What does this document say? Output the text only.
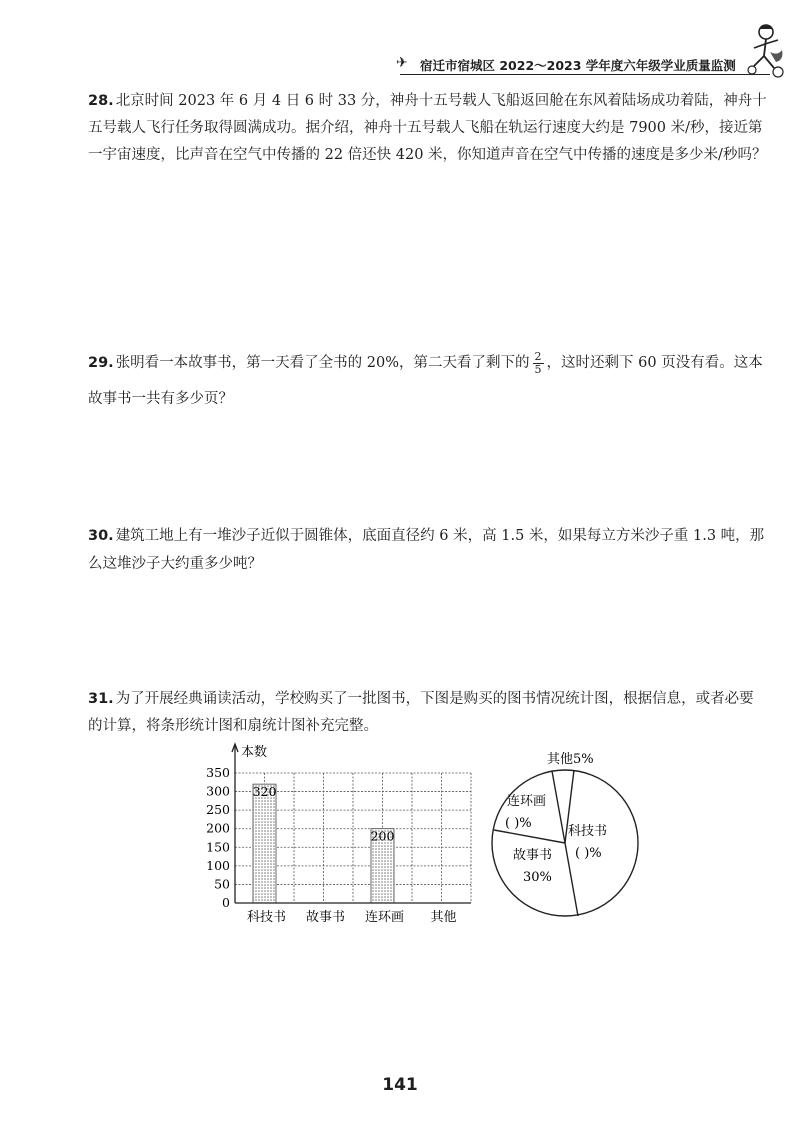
✈ 宿迁市宿城区 2022～2023 学年度六年级学业质量监测
28. 北京时间 2023 年 6 月 4 日 6 时 33 分，神舟十五号载人飞船返回舱在东风着陆场成功着陆，神舟十五号载人飞行任务取得圆满成功。据介绍，神舟十五号载人飞船在轨运行速度大约是 7900 米/秒，接近第一宇宙速度，比声音在空气中传播的 22 倍还快 420 米，你知道声音在空气中传播的速度是多少米/秒吗？
29. 张明看一本故事书，第一天看了全书的 20%，第二天看了剩下的 $\frac{2}{5}$ ，这时还剩下 60 页没有看。这本故事书一共有多少页？
30. 建筑工地上有一堆沙子近似于圆锥体，底面直径约 6 米，高 1.5 米，如果每立方米沙子重 1.3 吨，那么这堆沙子大约重多少吨？
31. 为了开展经典诵读活动，学校购买了一批图书，下图是购买的图书情况统计图，根据信息，或者必要的计算，将条形统计图和扇统计图补充完整。
0
50
100
150
200
250
300
350
320
科技书 故事书
200
连环画 其他
本数	其他5%
连环画
( )%
科技书
( )%
故事书
30%
141
